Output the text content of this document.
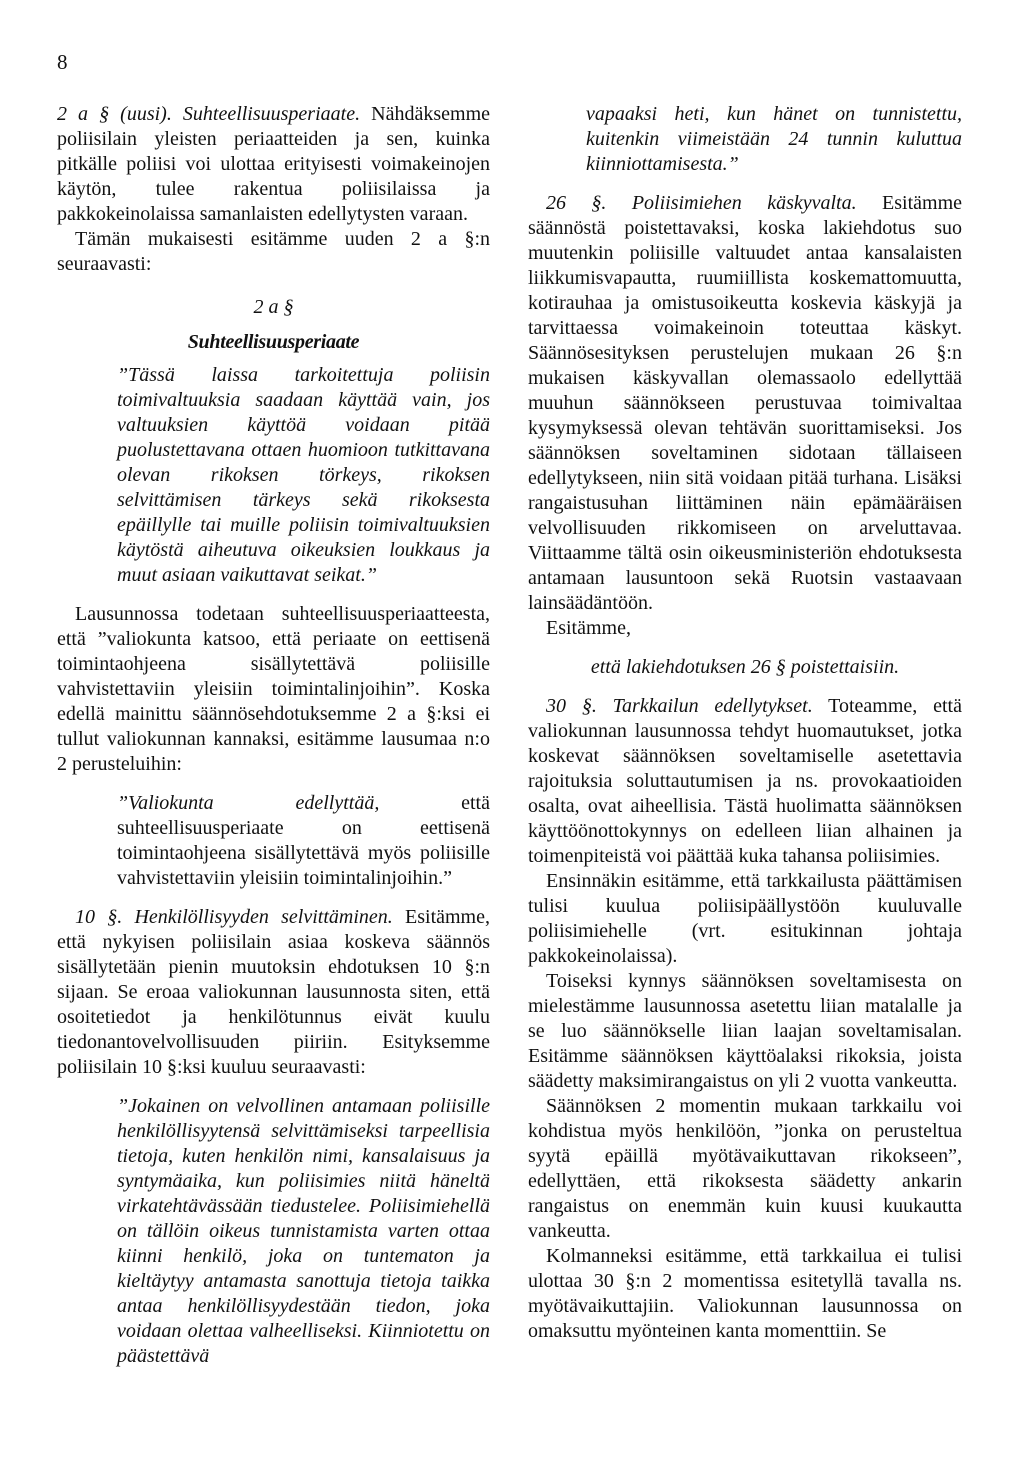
8

2 a § (uusi). Suhteellisuusperiaate. Nähdäksemme poliisilain yleisten periaatteiden ja sen, kuinka pitkälle poliisi voi ulottaa erityisesti voimakeinojen käytön, tulee rakentua poliisilaissa ja pakkokeinolaissa samanlaisten edellytysten varaan.

Tämän mukaisesti esitämme uuden 2 a §:n seuraavasti:

2 a §

Suhteellisuusperiaate

”Tässä laissa tarkoitettuja poliisin toimivaltuuksia saadaan käyttää vain, jos valtuuksien käyttöä voidaan pitää puolustettavana ottaen huomioon tutkittavana olevan rikoksen törkeys, rikoksen selvittämisen tärkeys sekä rikoksesta epäillylle tai muille poliisin toimivaltuuksien käytöstä aiheutuva oikeuksien loukkaus ja muut asiaan vaikuttavat seikat.”

Lausunnossa todetaan suhteellisuusperiaatteesta, että ”valiokunta katsoo, että periaate on eettisenä toimintaohjeena sisällytettävä poliisille vahvistettaviin yleisiin toimintalinjoihin”. Koska edellä mainittu säännösehdotuksemme 2 a §:ksi ei tullut valiokunnan kannaksi, esitämme lausumaa n:o 2 perusteluihin:

”Valiokunta edellyttää, että suhteellisuusperiaate on eettisenä toimintaohjeena sisällytettävä myös poliisille vahvistettaviin yleisiin toimintalinjoihin.”

10 §. Henkilöllisyyden selvittäminen. Esitämme, että nykyisen poliisilain asiaa koskeva säännös sisällytetään pienin muutoksin ehdotuksen 10 §:n sijaan. Se eroaa valiokunnan lausunnosta siten, että osoitetiedot ja henkilötunnus eivät kuulu tiedonantovelvollisuuden piiriin. Esityksemme poliisilain 10 §:ksi kuuluu seuraavasti:

”Jokainen on velvollinen antamaan poliisille henkilöllisyytensä selvittämiseksi tarpeellisia tietoja, kuten henkilön nimi, kansalaisuus ja syntymäaika, kun poliisimies niitä häneltä virkatehtävässään tiedustelee. Poliisimiehellä on tällöin oikeus tunnistamista varten ottaa kiinni henkilö, joka on tuntematon ja kieltäytyy antamasta sanottuja tietoja taikka antaa henkilöllisyydestään tiedon, joka voidaan olettaa valheelliseksi. Kiinniotettu on päästettävä

vapaaksi heti, kun hänet on tunnistettu, kuitenkin viimeistään 24 tunnin kuluttua kiinniottamisesta.”

26 §. Poliisimiehen käskyvalta. Esitämme säännöstä poistettavaksi, koska lakiehdotus suo muutenkin poliisille valtuudet antaa kansalaisten liikkumisvapautta, ruumiillista koskemattomuutta, kotirauhaa ja omistusoikeutta koskevia käskyjä ja tarvittaessa voimakeinoin toteuttaa käskyt. Säännösesityksen perustelujen mukaan 26 §:n mukaisen käskyvallan olemassaolo edellyttää muuhun säännökseen perustuvaa toimivaltaa kysymyksessä olevan tehtävän suorittamiseksi. Jos säännöksen soveltaminen sidotaan tällaiseen edellytykseen, niin sitä voidaan pitää turhana. Lisäksi rangaistusuhan liittäminen näin epämääräisen velvollisuuden rikkomiseen on arveluttavaa. Viittaamme tältä osin oikeusministeriön ehdotuksesta antamaan lausuntoon sekä Ruotsin vastaavaan lainsäädäntöön.

Esitämme,

että lakiehdotuksen 26 § poistettaisiin.

30 §. Tarkkailun edellytykset. Toteamme, että valiokunnan lausunnossa tehdyt huomautukset, jotka koskevat säännöksen soveltamiselle asetettavia rajoituksia soluttautumisen ja ns. provokaatioiden osalta, ovat aiheellisia. Tästä huolimatta säännöksen käyttöönottokynnys on edelleen liian alhainen ja toimenpiteistä voi päättää kuka tahansa poliisimies.

Ensinnäkin esitämme, että tarkkailusta päättämisen tulisi kuulua poliisipäällystöön kuuluvalle poliisimiehelle (vrt. esitukinnan johtaja pakkokeinolaissa).

Toiseksi kynnys säännöksen soveltamisesta on mielestämme lausunnossa asetettu liian matalalle ja se luo säännökselle liian laajan soveltamisalan. Esitämme säännöksen käyttöalaksi rikoksia, joista säädetty maksimirangaistus on yli 2 vuotta vankeutta.

Säännöksen 2 momentin mukaan tarkkailu voi kohdistua myös henkilöön, ”jonka on perusteltua syytä epäillä myötävaikuttavan rikokseen”, edellyttäen, että rikoksesta säädetty ankarin rangaistus on enemmän kuin kuusi kuukautta vankeutta.

Kolmanneksi esitämme, että tarkkailua ei tulisi ulottaa 30 §:n 2 momentissa esitetyllä tavalla ns. myötävaikuttajiin. Valiokunnan lausunnossa on omaksuttu myönteinen kanta momenttiin. Se
